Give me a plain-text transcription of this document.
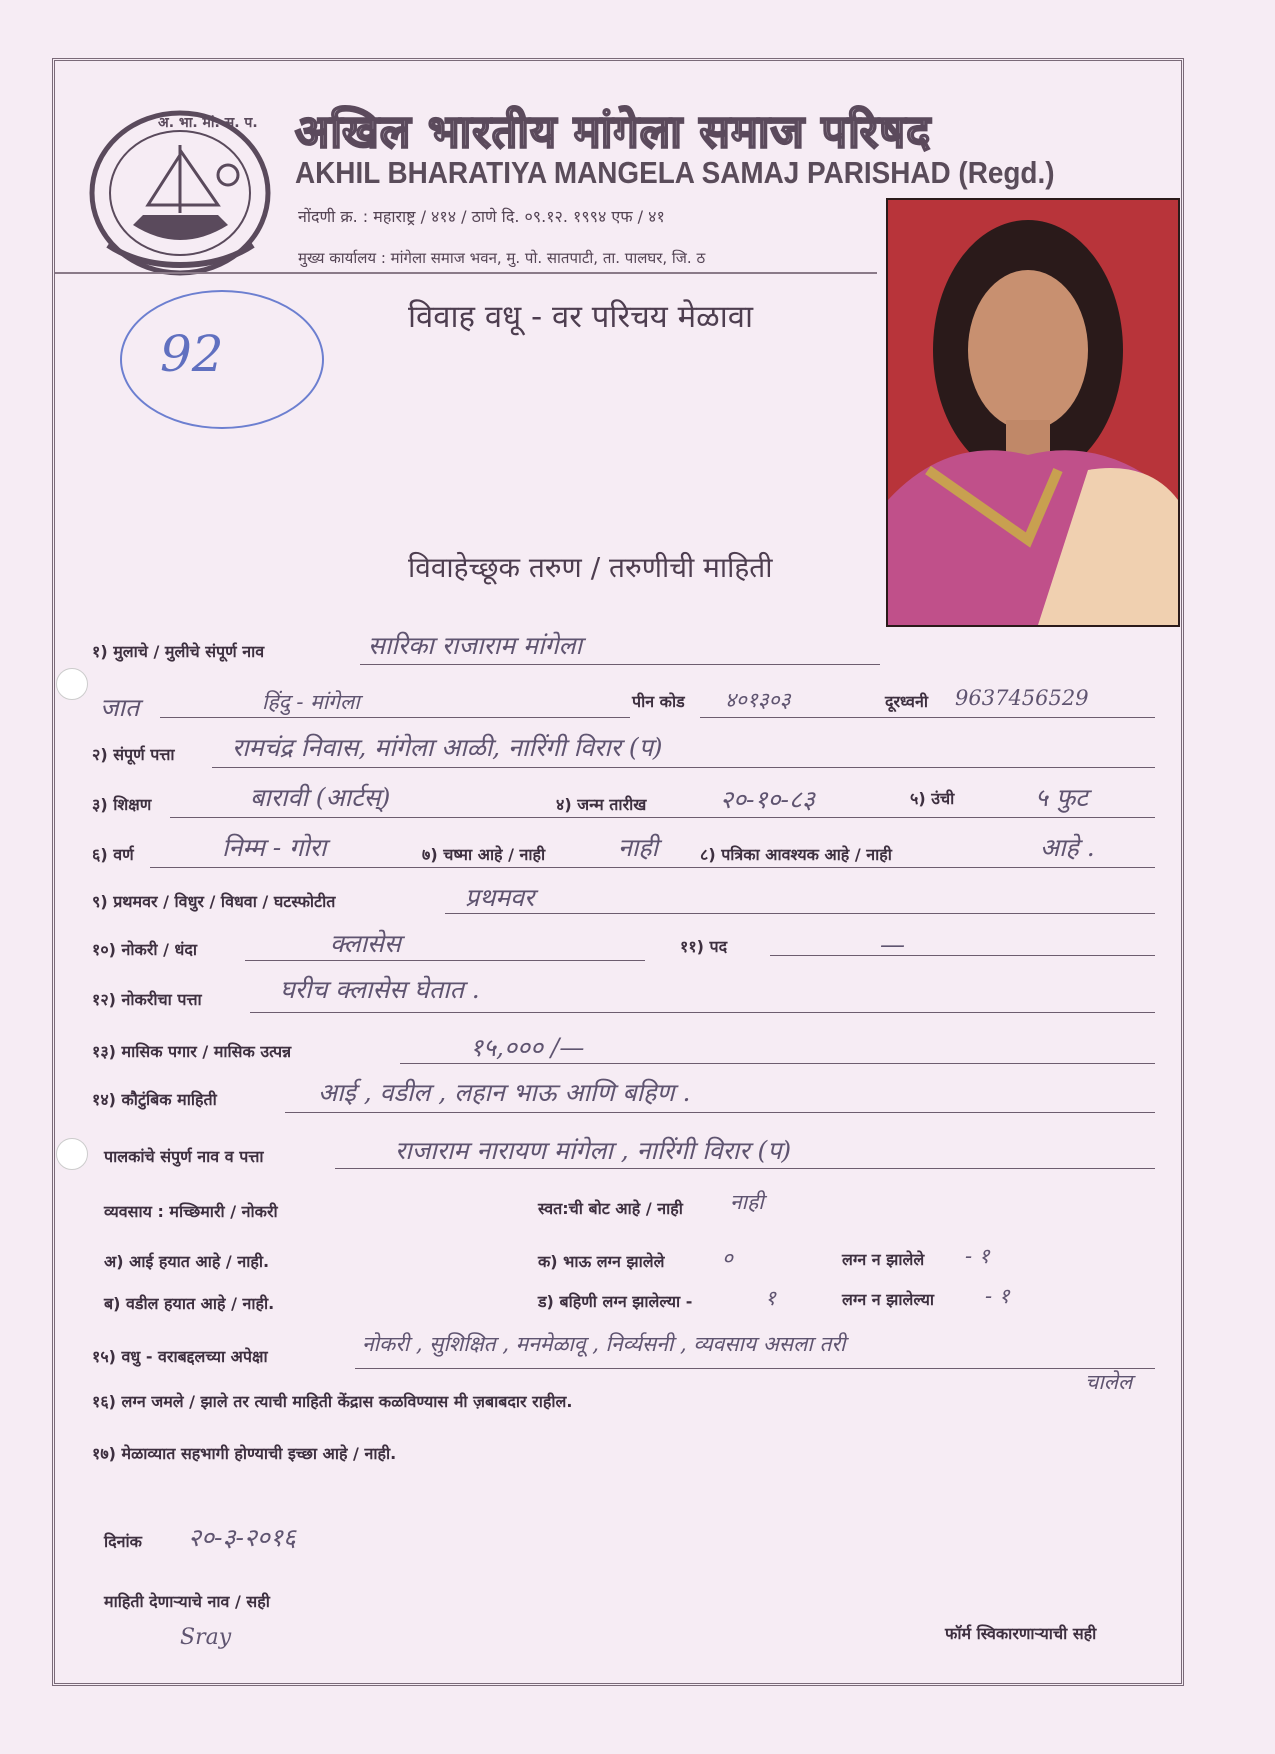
अ. भा. मां. स. प. अखिल भारतीय मांगेला समाज परिषद
AKHIL BHARATIYA MANGELA SAMAJ PARISHAD (Regd.)
नोंदणी क्र. : महाराष्ट्र / ४१४ / ठाणे दि. ०९.१२. १९९४ एफ / ४१
मुख्य कार्यालय : मांगेला समाज भवन, मु. पो. सातपाटी, ता. पालघर, जि. ठ
92
विवाह वधू - वर परिचय मेळावा
विवाहेच्छूक तरुण / तरुणीची माहिती
१) मुलाचे / मुलीचे संपूर्ण नाव	सारिका राजाराम मांगेला
जात	हिंदु - मांगेला	पीन कोड ४०१३०३	दूरध्वनी 9637456529
२) संपूर्ण पत्ता रामचंद्र निवास, मांगेला आळी, नारिंगी विरार (प)
३) शिक्षण	बारावी (आर्टस्)	४) जन्म तारीख	२०-१०-८३	५) उंची	५ फुट
६) वर्ण	निम्म - गोरा	७) चष्मा आहे / नाही	नाही	८) पत्रिका आवश्यक आहे / नाही	आहे .
९) प्रथमवर / विधुर / विधवा / घटस्फोटीत	प्रथमवर
१०) नोकरी / धंदा	क्लासेस	११) पद	—
१२) नोकरीचा पत्ता	घरीच क्लासेस घेतात .
१३) मासिक पगार / मासिक उत्पन्न	१५,००० /—
१४) कौटुंबिक माहिती	आई , वडील , लहान भाऊ आणि बहिण .
पालकांचे संपुर्ण नाव व पत्ता	राजाराम नारायण मांगेला , नारिंगी विरार (प)
व्यवसाय : मच्छिमारी / नोकरी	स्वत:ची बोट आहे / नाही नाही
अ) आई हयात आहे / नाही.	क) भाऊ लग्न झालेले	०	लग्न न झालेले - १
ब) वडील हयात आहे / नाही.	ड) बहिणी लग्न झालेल्या -	१	लग्न न झालेल्या - १
१५) वधु - वराबद्दलच्या अपेक्षा
नोकरी , सुशिक्षित , मनमेळावू , निर्व्यसनी , व्यवसाय असला तरी
चालेल
१६) लग्न जमले / झाले तर त्याची माहिती केंद्रास कळविण्यास मी ज़बाबदार राहील.
१७) मेळाव्यात सहभागी होण्याची इच्छा आहे / नाही.
दिनांक २०-३-२०१६
माहिती देणाऱ्याचे नाव / सही
Sray	फॉर्म स्विकारणाऱ्याची सही
